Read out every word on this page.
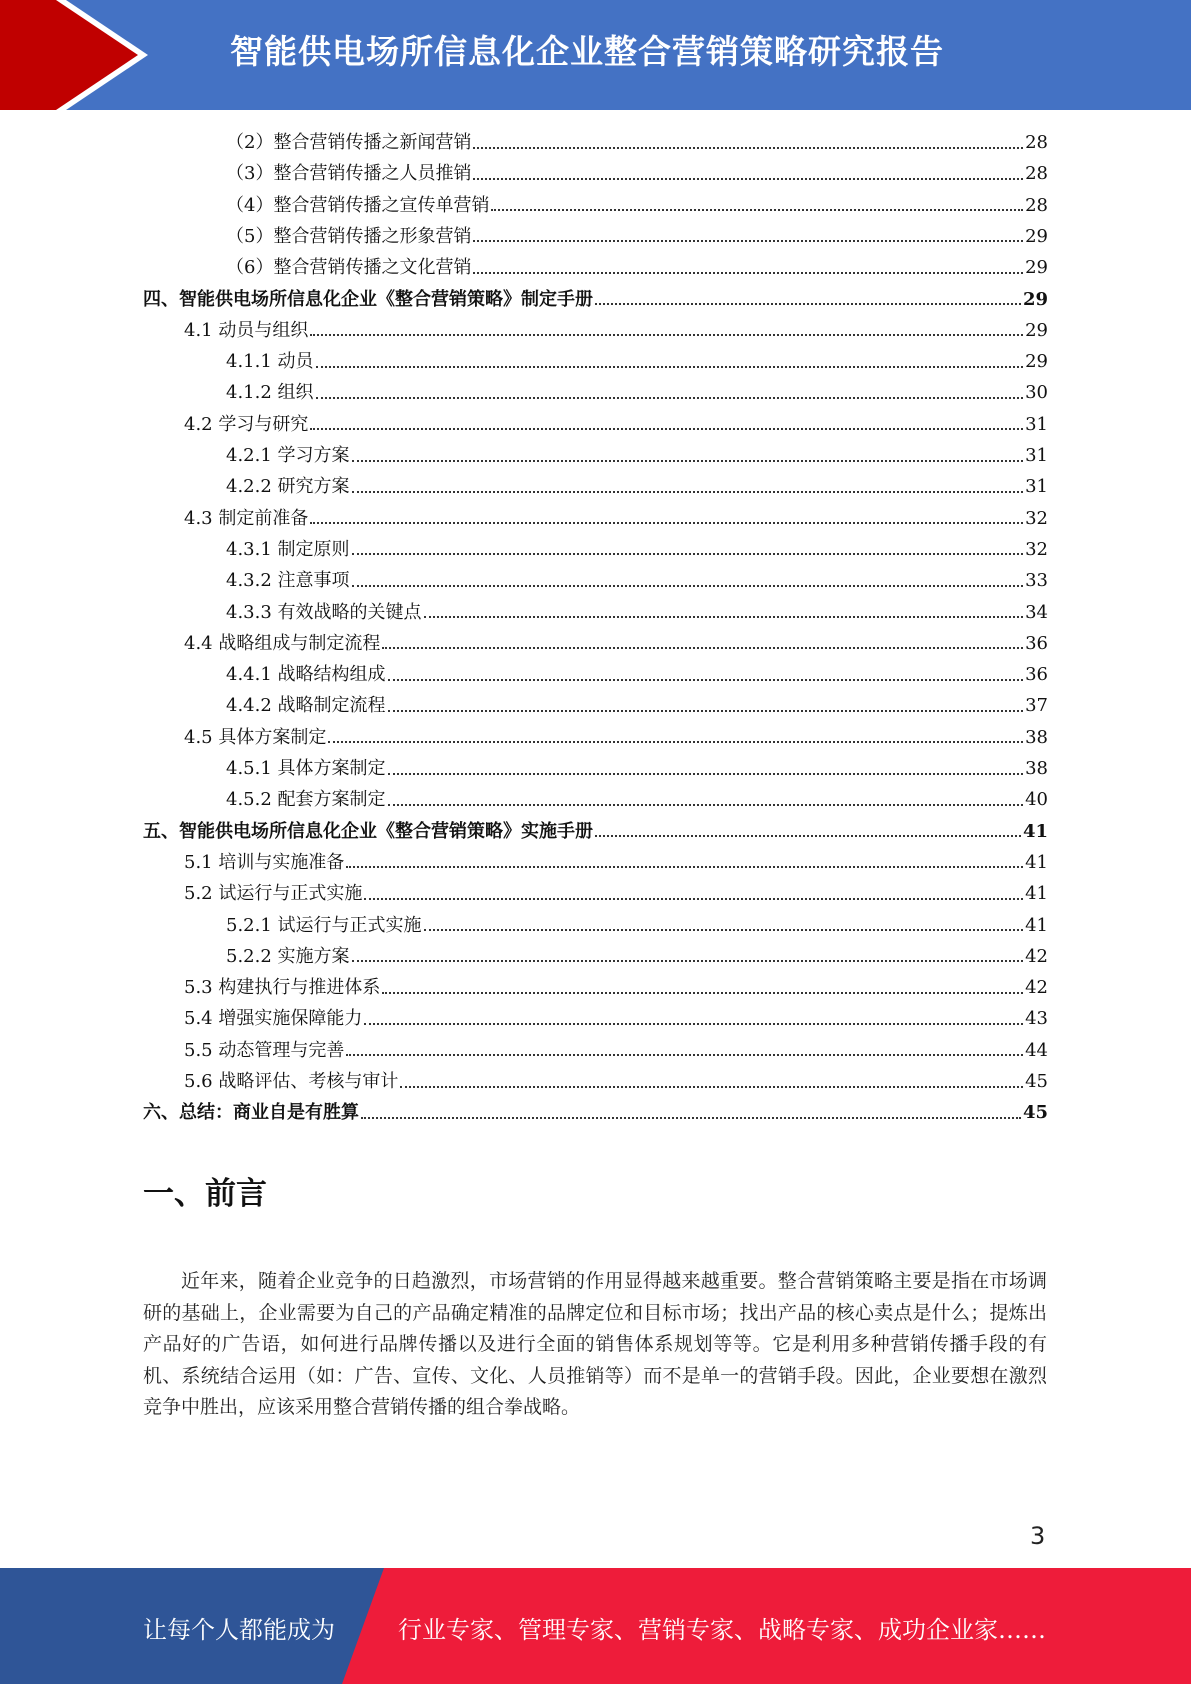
智能供电场所信息化企业整合营销策略研究报告
（2）整合营销传播之新闻营销	28
（3）整合营销传播之人员推销	28
（4）整合营销传播之宣传单营销	28
（5）整合营销传播之形象营销	29
（6）整合营销传播之文化营销	29
四、智能供电场所信息化企业《整合营销策略》制定手册	29
4.1 动员与组织	29
4.1.1 动员	29
4.1.2 组织	30
4.2 学习与研究	31
4.2.1 学习方案	31
4.2.2 研究方案	31
4.3 制定前准备	32
4.3.1 制定原则	32
4.3.2 注意事项	33
4.3.3 有效战略的关键点	34
4.4 战略组成与制定流程	36
4.4.1 战略结构组成	36
4.4.2 战略制定流程	37
4.5 具体方案制定	38
4.5.1 具体方案制定	38
4.5.2 配套方案制定	40
五、智能供电场所信息化企业《整合营销策略》实施手册	41
5.1 培训与实施准备	41
5.2 试运行与正式实施	41
5.2.1 试运行与正式实施	41
5.2.2 实施方案	42
5.3 构建执行与推进体系	42
5.4 增强实施保障能力	43
5.5 动态管理与完善	44
5.6 战略评估、考核与审计	45
六、总结：商业自是有胜算	45
一、前言
近年来，随着企业竞争的日趋激烈，市场营销的作用显得越来越重要。整合营销策略主要是指在市场调研的基础上，企业需要为自己的产品确定精准的品牌定位和目标市场；找出产品的核心卖点是什么；提炼出产品好的广告语，如何进行品牌传播以及进行全面的销售体系规划等等。它是利用多种营销传播手段的有机、系统结合运用（如：广告、宣传、文化、人员推销等）而不是单一的营销手段。因此，企业要想在激烈竞争中胜出，应该采用整合营销传播的组合拳战略。
3
让每个人都能成为	行业专家、管理专家、营销专家、战略专家、成功企业家……
